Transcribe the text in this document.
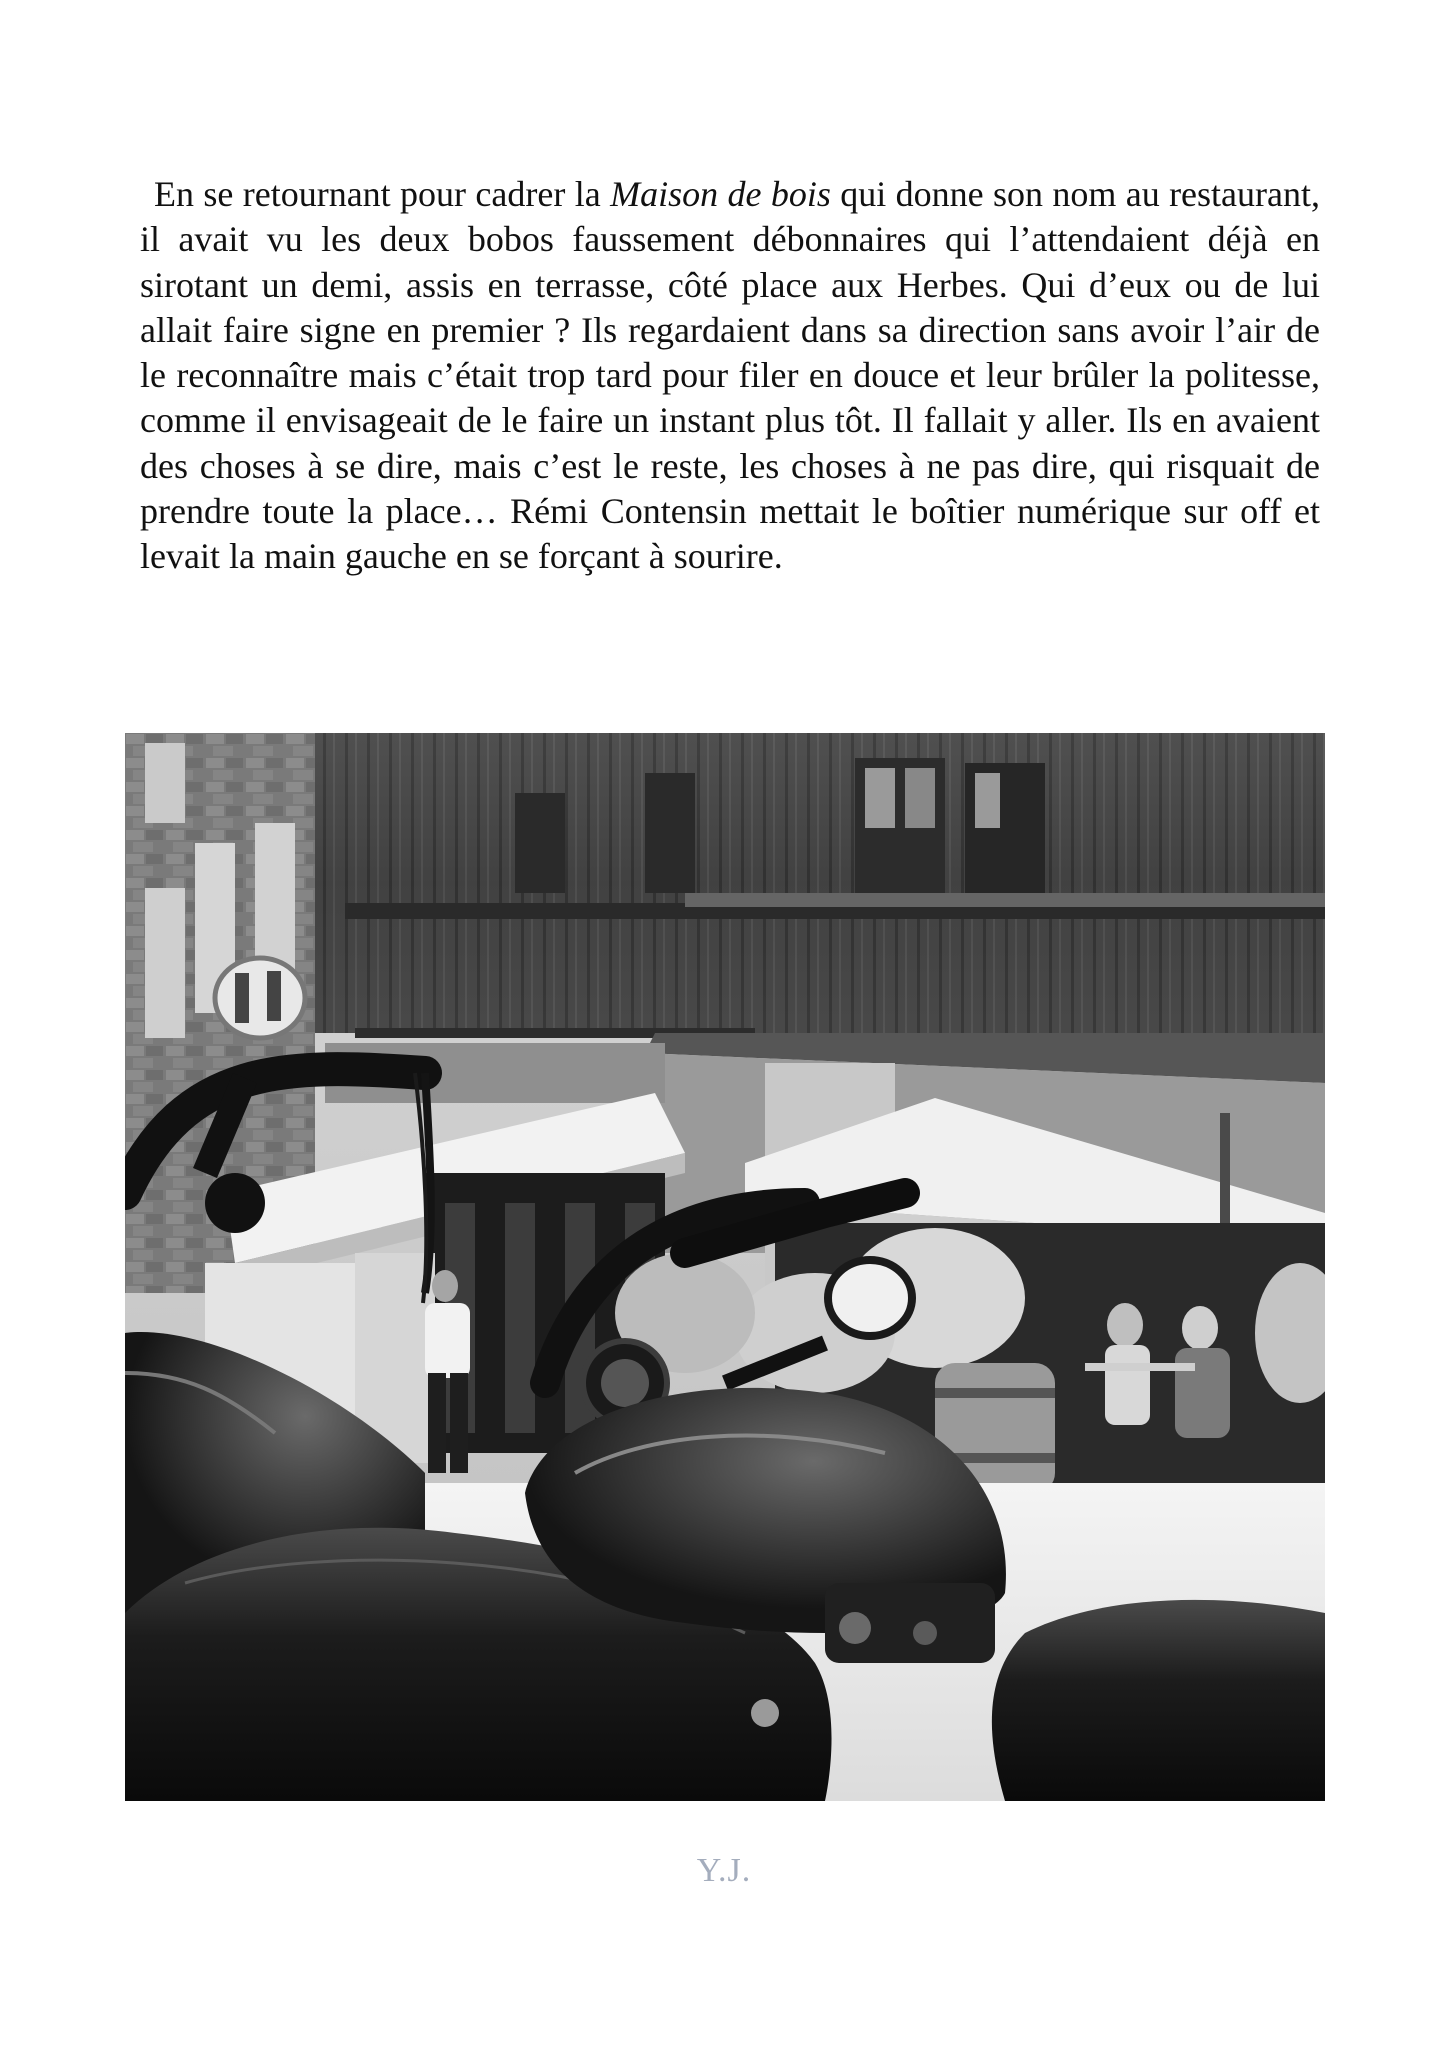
En se retournant pour cadrer la Maison de bois qui donne son nom au restaurant, il avait vu les deux bobos faussement débonnaires qui l’attendaient déjà en sirotant un demi, assis en terrasse, côté place aux Herbes. Qui d’eux ou de lui allait faire signe en premier ? Ils regardaient dans sa direction sans avoir l’air de le reconnaître mais c’était trop tard pour filer en douce et leur brûler la politesse, comme il envisageait de le faire un instant plus tôt. Il fallait y aller. Ils en avaient des choses à se dire, mais c’est le reste, les choses à ne pas dire, qui risquait de prendre toute la place… Rémi Contensin mettait le boîtier numérique sur off et levait la main gauche en se forçant à sourire.

Y.J.
